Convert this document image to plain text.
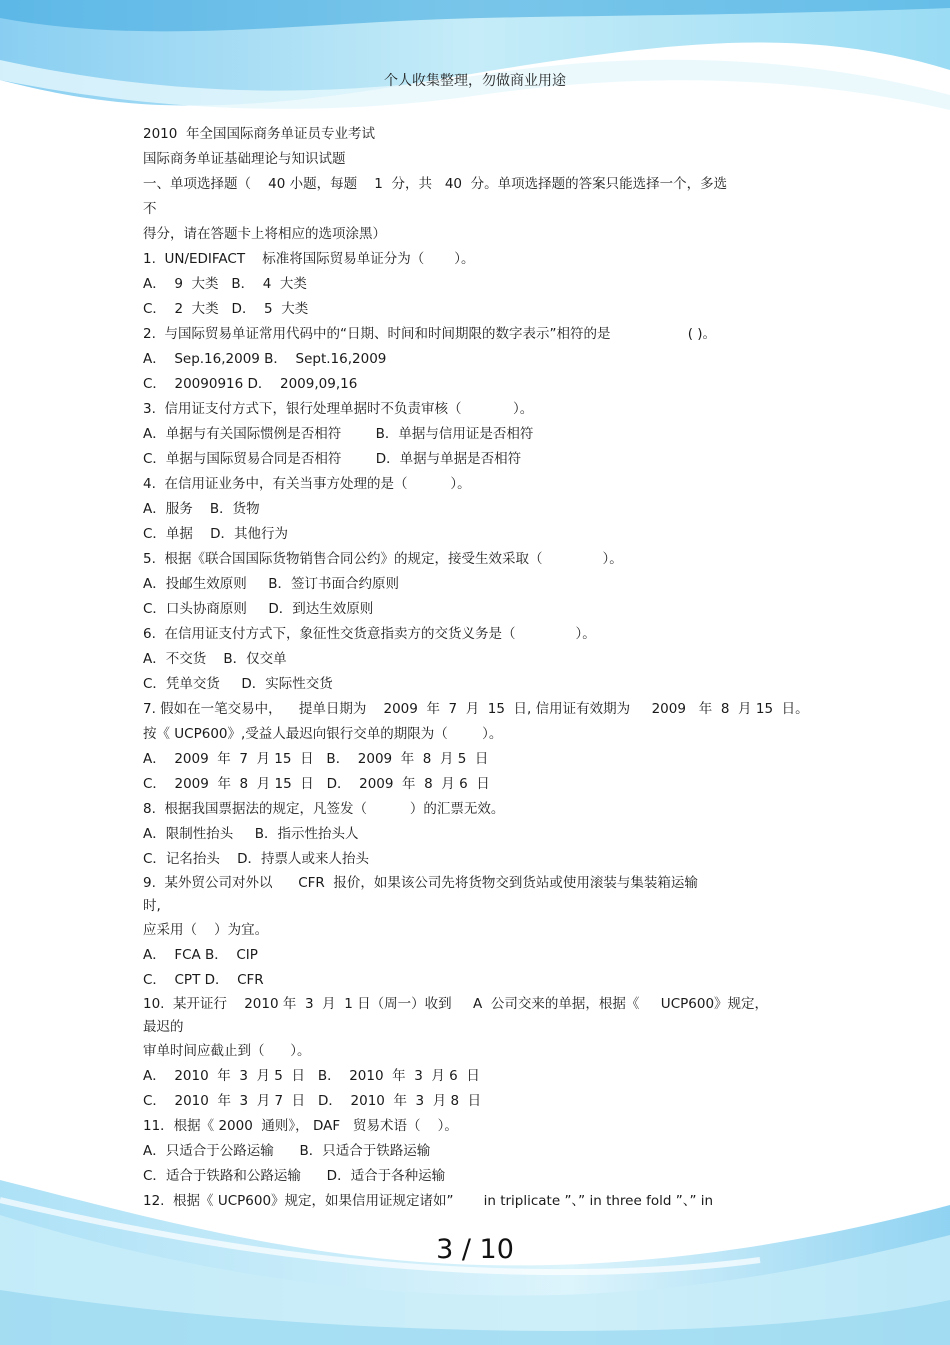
个人收集整理，勿做商业用途
2010  年全国国际商务单证员专业考试
国际商务单证基础理论与知识试题
一、单项选择题（    40 小题，每题    1  分，共   40  分。单项选择题的答案只能选择一个，多选
不
得分，请在答题卡上将相应的选项涂黑）
1.  UN/EDIFACT    标准将国际贸易单证分为（       ）。
A．  9  大类   B．  4  大类
C．  2  大类   D．  5  大类
2.  与国际贸易单证常用代码中的“日期、时间和时间期限的数字表示”相符的是                  ( )。
A．  Sep.16,2009 B．  Sept.16,2009
C．  20090916 D．  2009,09,16
3.  信用证支付方式下，银行处理单据时不负责审核（            ）。
A．单据与有关国际惯例是否相符        B．单据与信用证是否相符
C．单据与国际贸易合同是否相符        D．单据与单据是否相符
4.  在信用证业务中，有关当事方处理的是（          ）。
A．服务    B．货物
C．单据    D．其他行为
5.  根据《联合国国际货物销售合同公约》的规定，接受生效采取（              ）。
A．投邮生效原则     B．签订书面合约原则
C．口头协商原则     D．到达生效原则
6.  在信用证支付方式下，象征性交货意指卖方的交货义务是（              ）。
A．不交货    B．仅交单
C．凭单交货     D．实际性交货
7. 假如在一笔交易中，    提单日期为    2009  年  7  月  15  日, 信用证有效期为     2009   年  8  月 15  日。
按《 UCP600》,受益人最迟向银行交单的期限为（        ）。
A．  2009  年  7  月 15  日   B．  2009  年  8  月 5  日
C．  2009  年  8  月 15  日   D．  2009  年  8  月 6  日
8.  根据我国票据法的规定，凡签发（          ）的汇票无效。
A．限制性抬头     B．指示性抬头人
C．记名抬头    D．持票人或来人抬头
9.  某外贸公司对外以      CFR  报价，如果该公司先将货物交到货站或使用滚装与集装箱运输
时,
应采用（    ）为宜。
A．  FCA B．  CIP
C．  CPT D．  CFR
10.  某开证行    2010 年  3  月  1 日（周一）收到     A  公司交来的单据，根据《     UCP600》规定，
最迟的
审单时间应截止到（      ）。
A．  2010  年  3  月 5  日   B．  2010  年  3  月 6  日
C．  2010  年  3  月 7  日   D．  2010  年  3  月 8  日
11．根据《 2000  通则》， DAF   贸易术语（    ）。
A．只适合于公路运输      B．只适合于铁路运输
C．适合于铁路和公路运输      D．适合于各种运输
12.  根据《 UCP600》规定，如果信用证规定诸如”       in triplicate ”、” in three fold ”、” in
3 / 10
